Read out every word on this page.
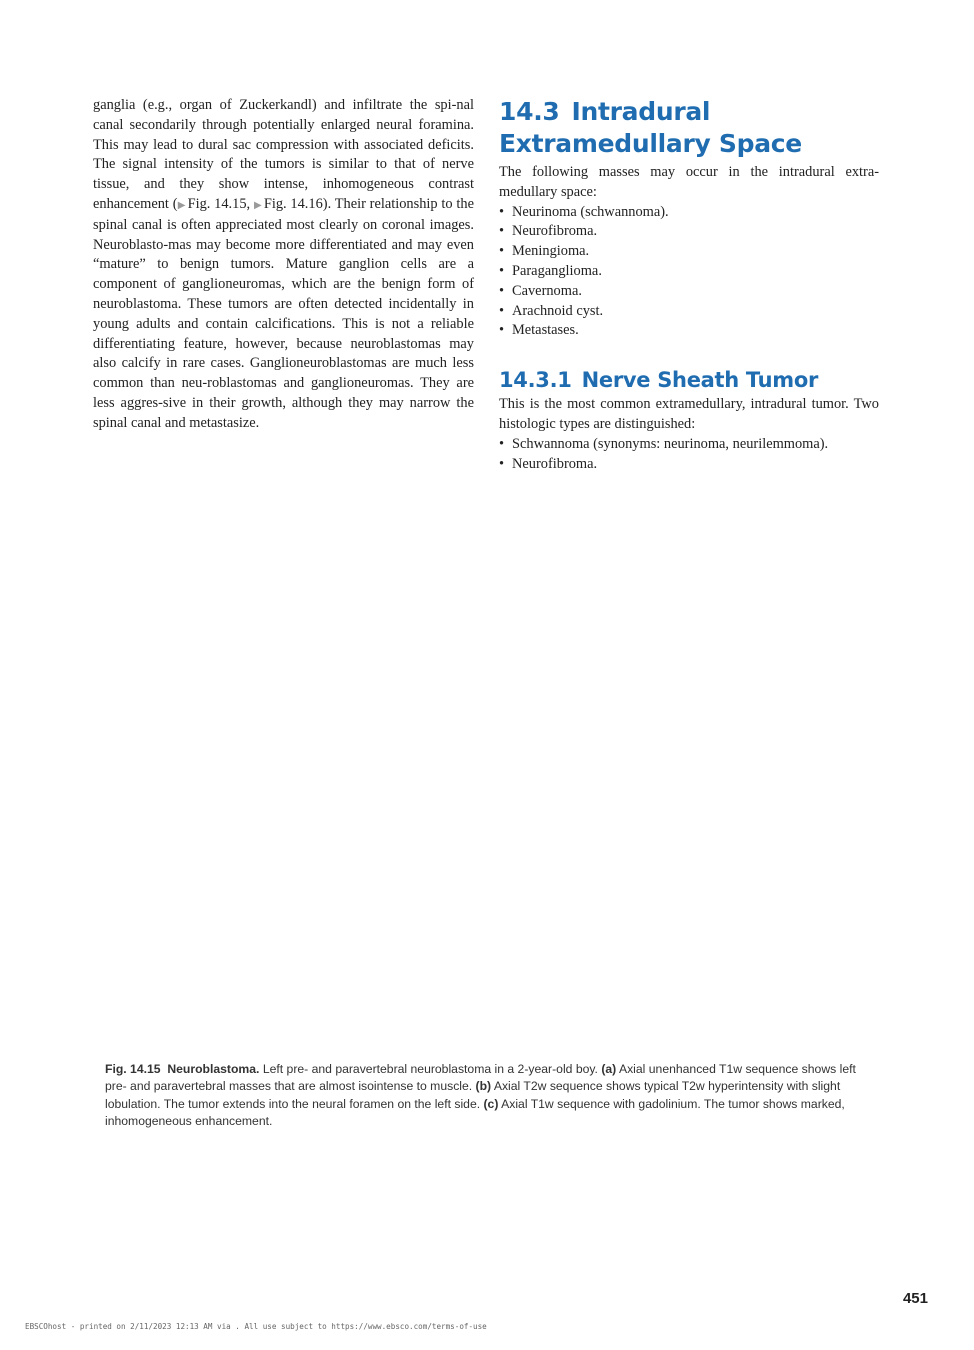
ganglia (e.g., organ of Zuckerkandl) and infiltrate the spi-nal canal secondarily through potentially enlarged neural foramina. This may lead to dural sac compression with associated deficits. The signal intensity of the tumors is similar to that of nerve tissue, and they show intense, inhomogeneous contrast enhancement (▶ Fig. 14.15, ▶ Fig. 14.16). Their relationship to the spinal canal is often appreciated most clearly on coronal images. Neuroblasto-mas may become more differentiated and may even “mature” to benign tumors. Mature ganglion cells are a component of ganglioneuromas, which are the benign form of neuroblastoma. These tumors are often detected incidentally in young adults and contain calcifications. This is not a reliable differentiating feature, however, because neuroblastomas may also calcify in rare cases. Ganglioneuroblastomas are much less common than neu-roblastomas and ganglioneuromas. They are less aggres-sive in their growth, although they may narrow the spinal canal and metastasize.

14.3 Intradural Extramedullary Space

The following masses may occur in the intradural extra-medullary space:

• Neurinoma (schwannoma).
• Neurofibroma.
• Meningioma.
• Paraganglioma.
• Cavernoma.
• Arachnoid cyst.
• Metastases.
14.3.1 Nerve Sheath Tumor

This is the most common extramedullary, intradural tumor. Two histologic types are distinguished:

• Schwannoma (synonyms: neurinoma, neurilemmoma).
• Neurofibroma.
Fig. 14.15 Neuroblastoma. Left pre- and paravertebral neuroblastoma in a 2-year-old boy. (a) Axial unenhanced T1w sequence shows left pre- and paravertebral masses that are almost isointense to muscle. (b) Axial T2w sequence shows typical T2w hyperintensity with slight lobulation. The tumor extends into the neural foramen on the left side. (c) Axial T1w sequence with gadolinium. The tumor shows marked, inhomogeneous enhancement.
451
EBSCOhost - printed on 2/11/2023 12:13 AM via . All use subject to https://www.ebsco.com/terms-of-use
